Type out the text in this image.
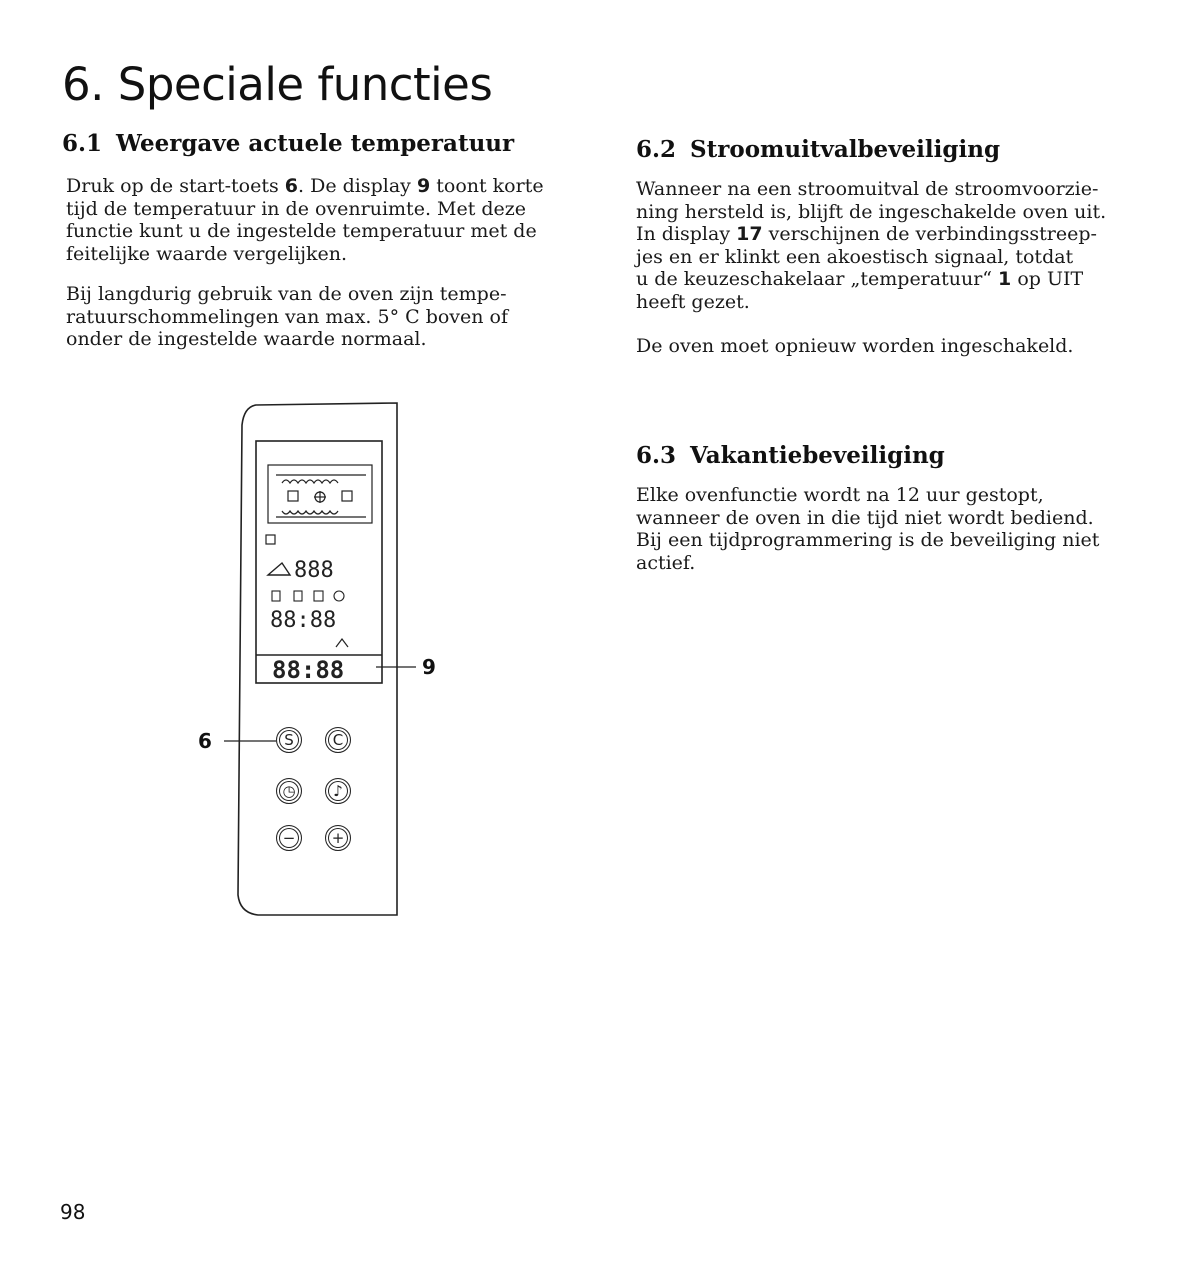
6. Speciale functies
6.1 Weergave actuele temperatuur
Druk op de start-toets 6. De display 9 toont korte
tijd de temperatuur in de ovenruimte. Met deze
functie kunt u de ingestelde temperatuur met de
feitelijke waarde vergelijken.
Bij langdurig gebruik van de oven zijn tempe-
ratuurschommelingen van max. 5° C boven of
onder de ingestelde waarde normaal.
6.2 Stroomuitvalbeveiliging
Wanneer na een stroomuitval de stroomvoorzie-
ning hersteld is, blijft de ingeschakelde oven uit.
In display 17 verschijnen de verbindingsstreep-
jes en er klinkt een akoestisch signaal, totdat
u de keuzeschakelaar „temperatuur“ 1 op UIT
heeft gezet.
De oven moet opnieuw worden ingeschakeld.
6.3 Vakantiebeveiliging
Elke ovenfunctie wordt na 12 uur gestopt,
wanneer de oven in die tijd niet wordt bediend.
Bij een tijdprogrammering is de beveiliging niet
actief.
888
88:88
88:88
S	C
◷	♪
−	+
6
9
98
